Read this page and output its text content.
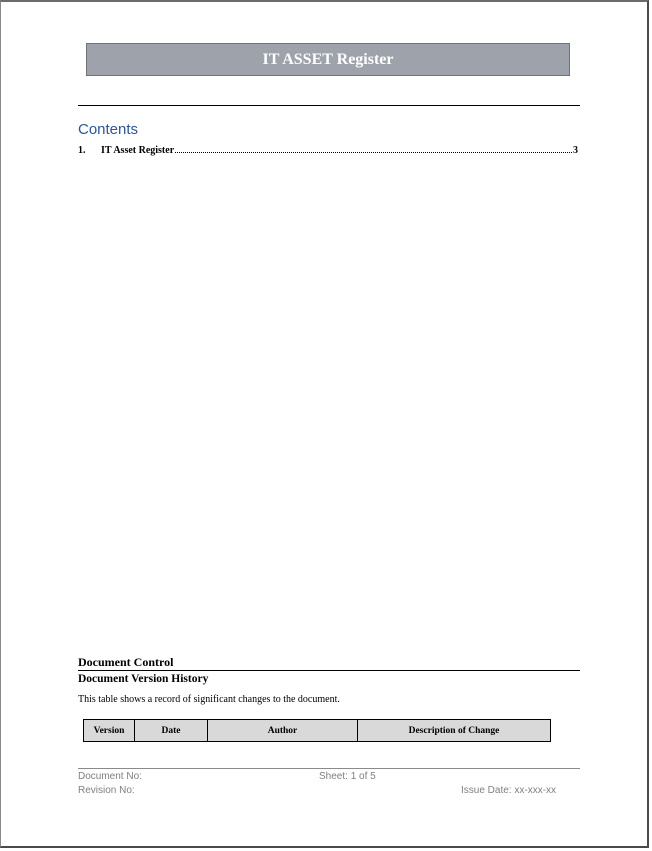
IT ASSET Register
Contents
1.	IT Asset Register	3
Document Control
Document Version History
This table shows a record of significant changes to the document.
Version	Date	Author	Description of Change
Document No:	Sheet: 1 of 5
Revision No:	Issue Date: xx-xxx-xx
